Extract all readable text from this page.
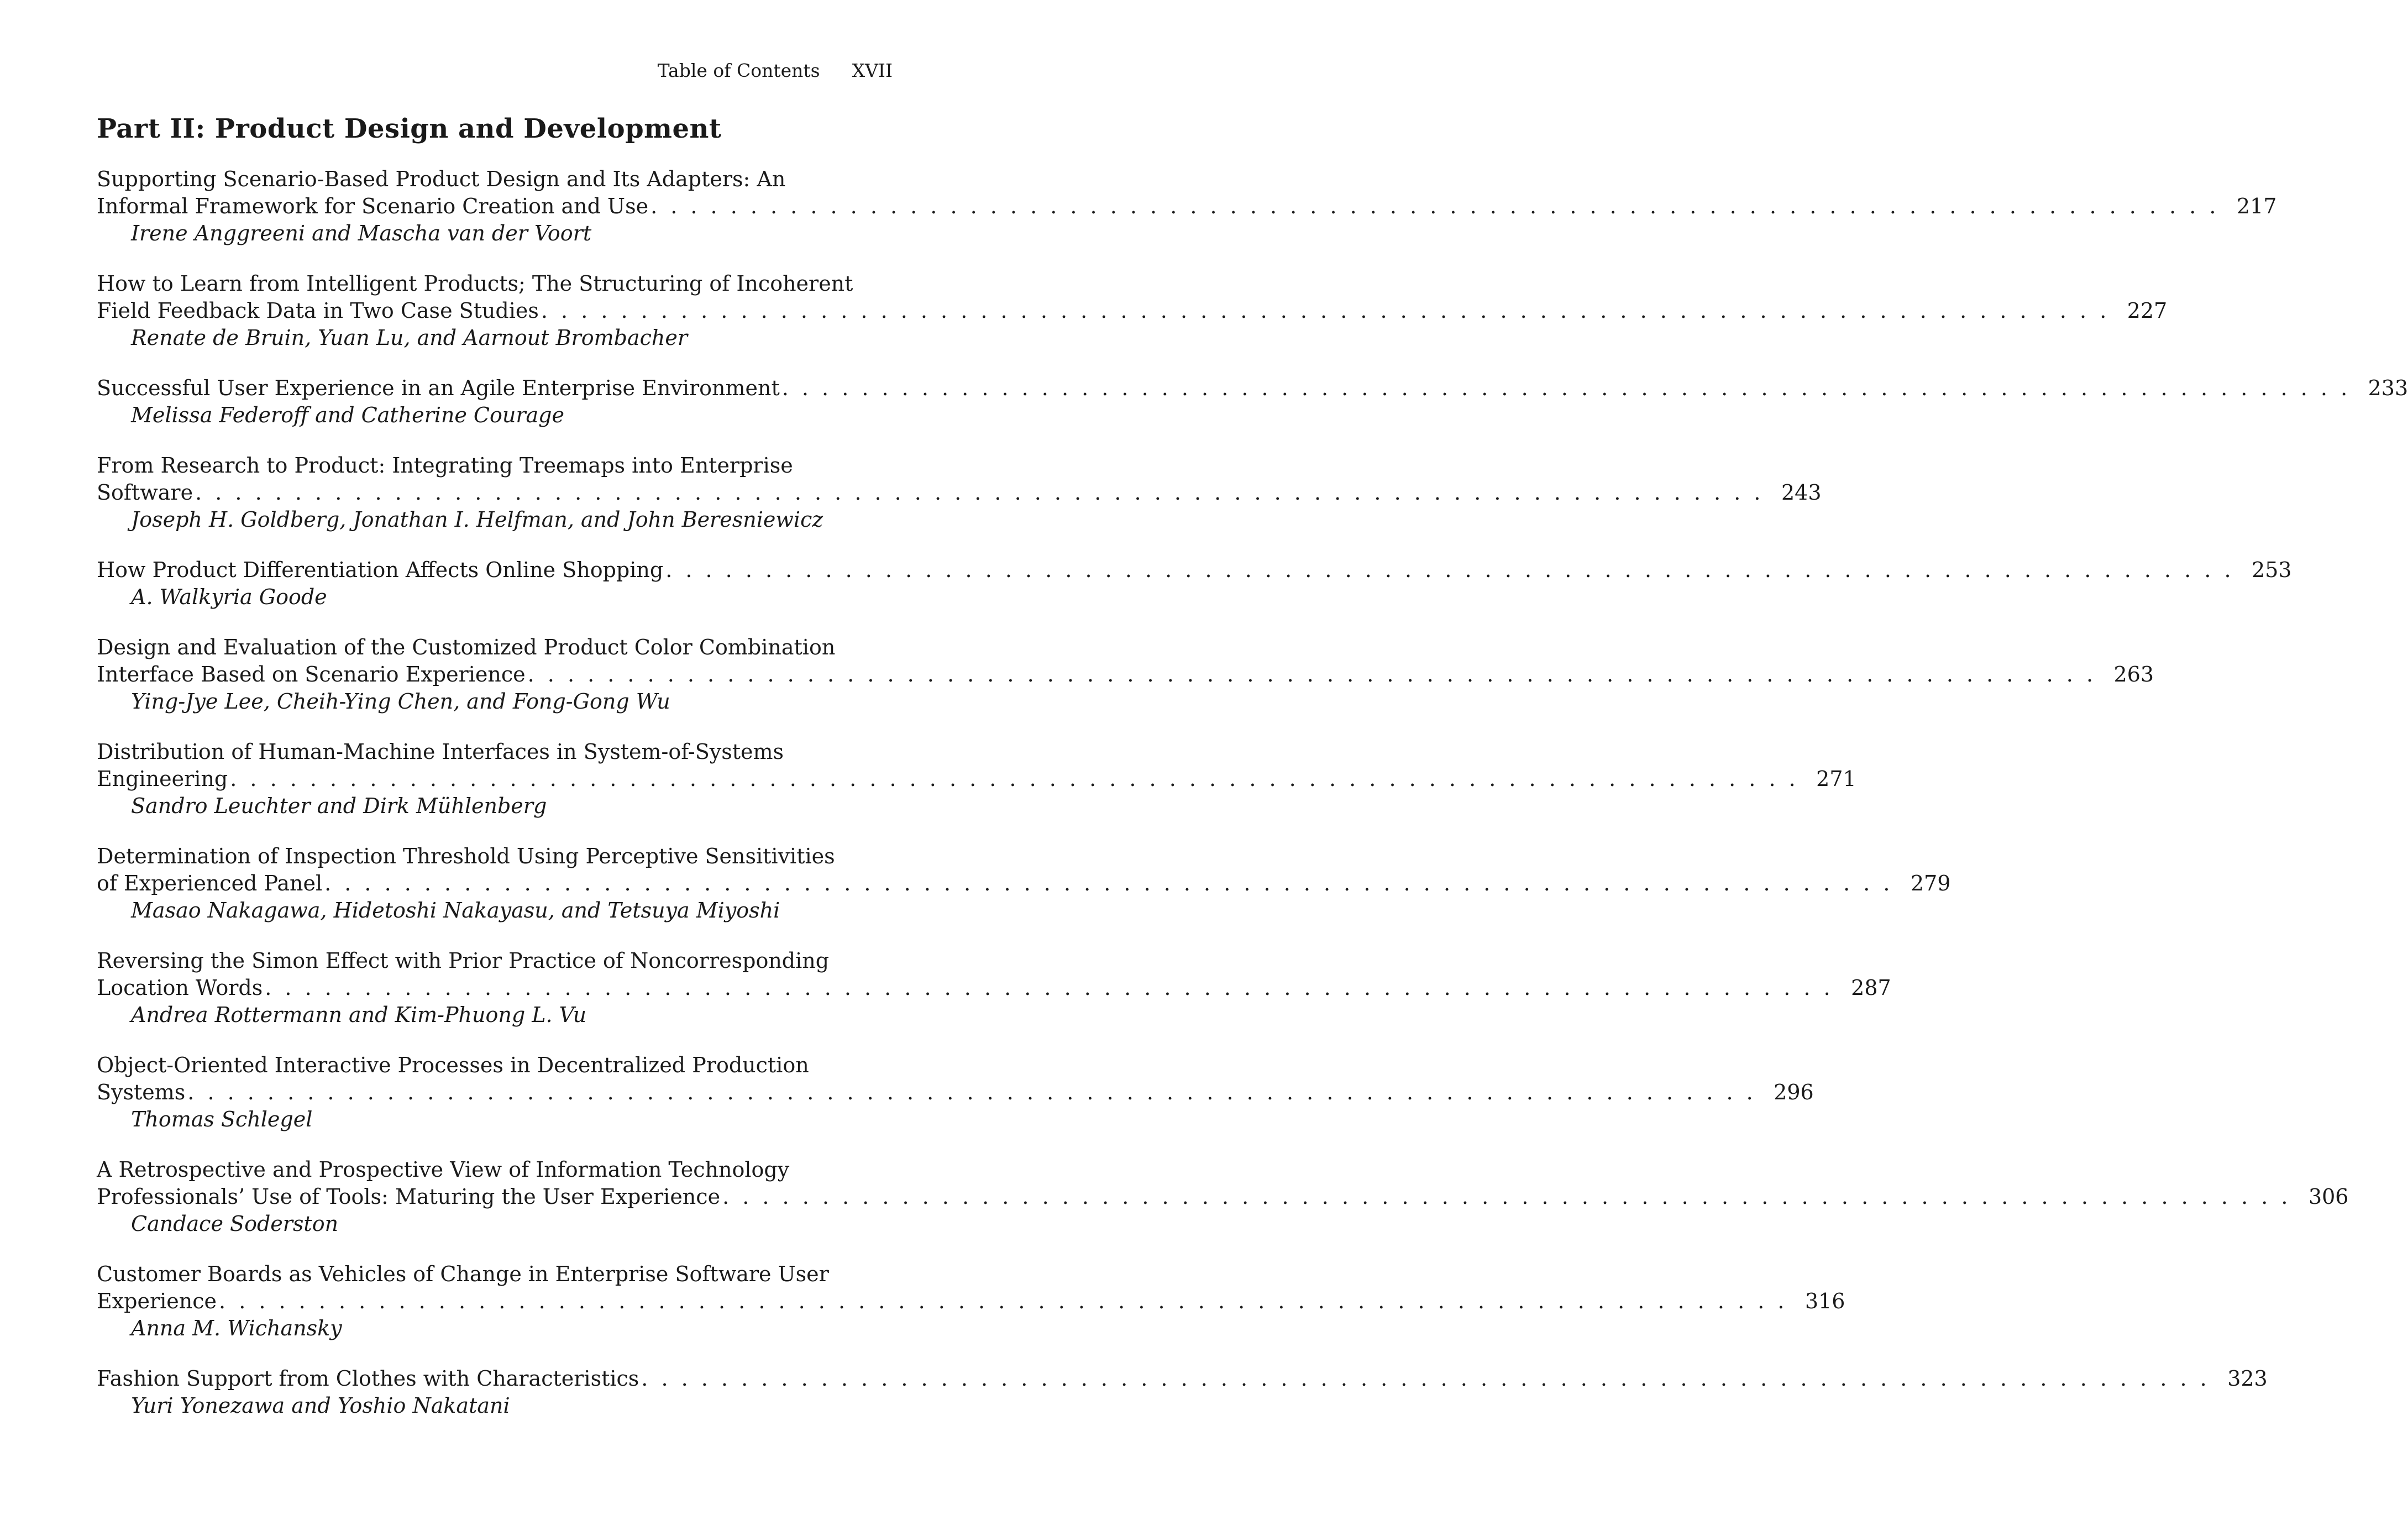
Table of Contents XVII
Part II: Product Design and Development
Supporting Scenario-Based Product Design and Its Adapters: An
Informal Framework for Scenario Creation and Use . . . . . . . . . . . . . . . . . . . . . . . . . . . . . . . . . . . . . . . . . . . . . . . . . . . . . . . . . . . . . . . . . . . . . . . . . . . . . . . 217
Irene Anggreeni and Mascha van der Voort
How to Learn from Intelligent Products; The Structuring of Incoherent
Field Feedback Data in Two Case Studies . . . . . . . . . . . . . . . . . . . . . . . . . . . . . . . . . . . . . . . . . . . . . . . . . . . . . . . . . . . . . . . . . . . . . . . . . . . . . . . 227
Renate de Bruin, Yuan Lu, and Aarnout Brombacher
Successful User Experience in an Agile Enterprise Environment . . . . . . . . . . . . . . . . . . . . . . . . . . . . . . . . . . . . . . . . . . . . . . . . . . . . . . . . . . . . . . . . . . . . . . . . . . . . . . . 233
Melissa Federoff and Catherine Courage
From Research to Product: Integrating Treemaps into Enterprise
Software . . . . . . . . . . . . . . . . . . . . . . . . . . . . . . . . . . . . . . . . . . . . . . . . . . . . . . . . . . . . . . . . . . . . . . . . . . . . . . . 243
Joseph H. Goldberg, Jonathan I. Helfman, and John Beresniewicz
How Product Differentiation Affects Online Shopping . . . . . . . . . . . . . . . . . . . . . . . . . . . . . . . . . . . . . . . . . . . . . . . . . . . . . . . . . . . . . . . . . . . . . . . . . . . . . . . 253
A. Walkyria Goode
Design and Evaluation of the Customized Product Color Combination
Interface Based on Scenario Experience . . . . . . . . . . . . . . . . . . . . . . . . . . . . . . . . . . . . . . . . . . . . . . . . . . . . . . . . . . . . . . . . . . . . . . . . . . . . . . . 263
Ying-Jye Lee, Cheih-Ying Chen, and Fong-Gong Wu
Distribution of Human-Machine Interfaces in System-of-Systems
Engineering . . . . . . . . . . . . . . . . . . . . . . . . . . . . . . . . . . . . . . . . . . . . . . . . . . . . . . . . . . . . . . . . . . . . . . . . . . . . . . . 271
Sandro Leuchter and Dirk Mühlenberg
Determination of Inspection Threshold Using Perceptive Sensitivities
of Experienced Panel . . . . . . . . . . . . . . . . . . . . . . . . . . . . . . . . . . . . . . . . . . . . . . . . . . . . . . . . . . . . . . . . . . . . . . . . . . . . . . . 279
Masao Nakagawa, Hidetoshi Nakayasu, and Tetsuya Miyoshi
Reversing the Simon Effect with Prior Practice of Noncorresponding
Location Words . . . . . . . . . . . . . . . . . . . . . . . . . . . . . . . . . . . . . . . . . . . . . . . . . . . . . . . . . . . . . . . . . . . . . . . . . . . . . . . 287
Andrea Rottermann and Kim-Phuong L. Vu
Object-Oriented Interactive Processes in Decentralized Production
Systems . . . . . . . . . . . . . . . . . . . . . . . . . . . . . . . . . . . . . . . . . . . . . . . . . . . . . . . . . . . . . . . . . . . . . . . . . . . . . . . 296
Thomas Schlegel
A Retrospective and Prospective View of Information Technology
Professionals’ Use of Tools: Maturing the User Experience . . . . . . . . . . . . . . . . . . . . . . . . . . . . . . . . . . . . . . . . . . . . . . . . . . . . . . . . . . . . . . . . . . . . . . . . . . . . . . . 306
Candace Soderston
Customer Boards as Vehicles of Change in Enterprise Software User
Experience . . . . . . . . . . . . . . . . . . . . . . . . . . . . . . . . . . . . . . . . . . . . . . . . . . . . . . . . . . . . . . . . . . . . . . . . . . . . . . . 316
Anna M. Wichansky
Fashion Support from Clothes with Characteristics . . . . . . . . . . . . . . . . . . . . . . . . . . . . . . . . . . . . . . . . . . . . . . . . . . . . . . . . . . . . . . . . . . . . . . . . . . . . . . . 323
Yuri Yonezawa and Yoshio Nakatani
